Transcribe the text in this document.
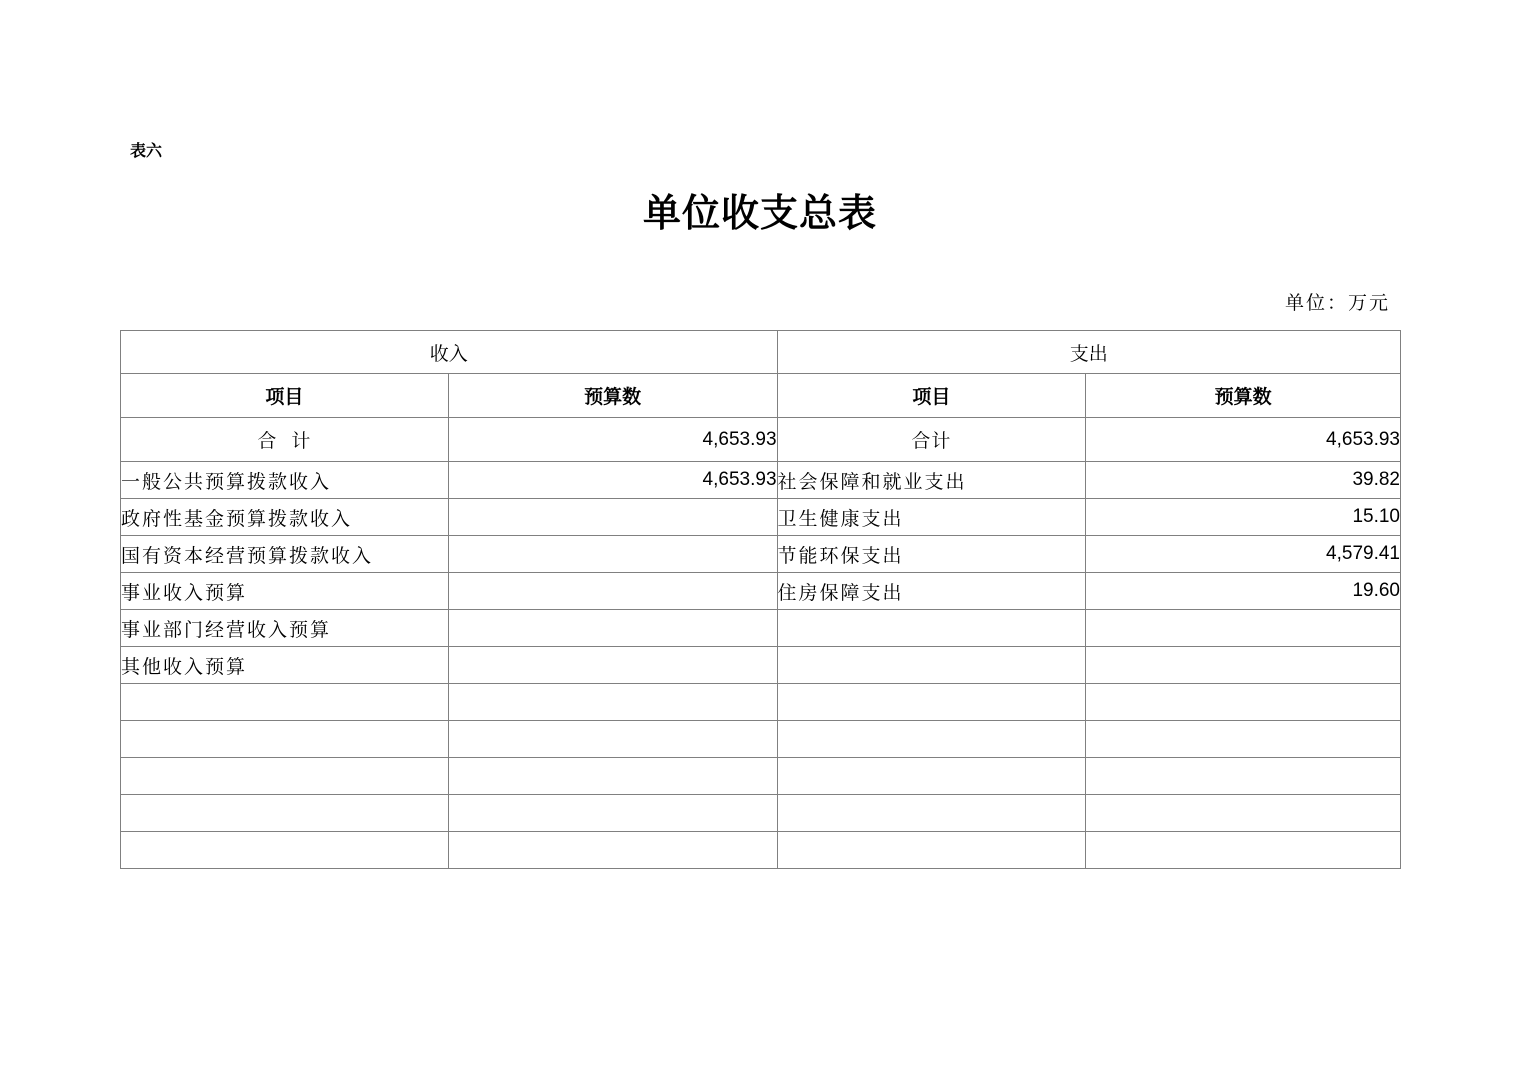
表六
单位收支总表
单位：万元
收入		支出	
项目	预算数	项目	预算数
合  计	4,653.93	合计	4,653.93
一般公共预算拨款收入	4,653.93	社会保障和就业支出	39.82
政府性基金预算拨款收入		卫生健康支出	15.10
国有资本经营预算拨款收入		节能环保支出	4,579.41
事业收入预算		住房保障支出	19.60
事业部门经营收入预算			
其他收入预算			
